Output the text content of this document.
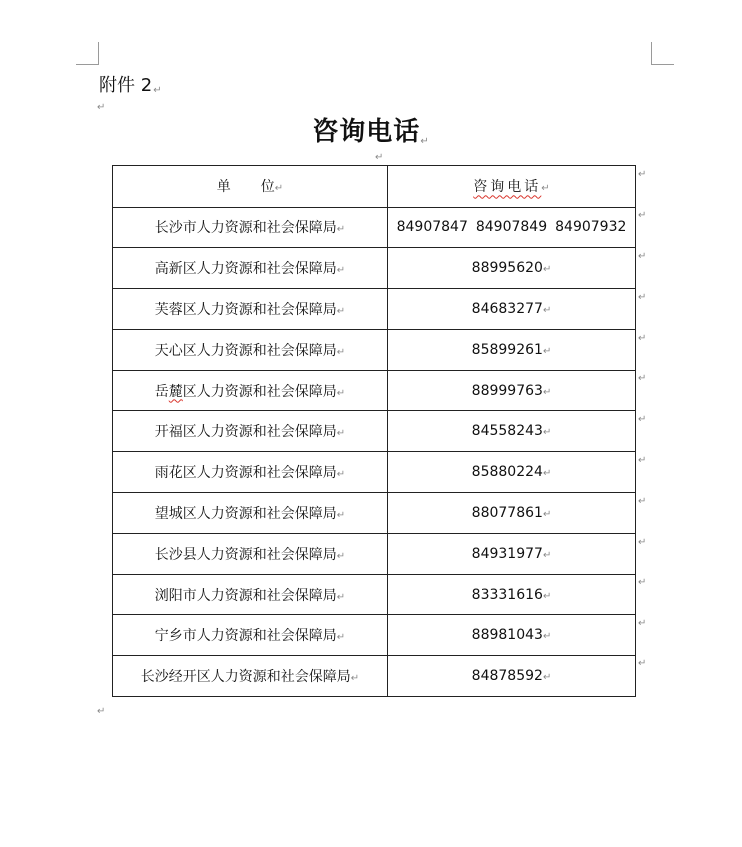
附件 2↵
↵
咨询电话↵
↵
单 位↵	咨询电话↵
长沙市人力资源和社会保障局↵	84907847 84907849 84907932
高新区人力资源和社会保障局↵	88995620↵
芙蓉区人力资源和社会保障局↵	84683277↵
天心区人力资源和社会保障局↵	85899261↵
岳麓区人力资源和社会保障局↵	88999763↵
开福区人力资源和社会保障局↵	84558243↵
雨花区人力资源和社会保障局↵	85880224↵
望城区人力资源和社会保障局↵	88077861↵
长沙县人力资源和社会保障局↵	84931977↵
浏阳市人力资源和社会保障局↵	83331616↵
宁乡市人力资源和社会保障局↵	88981043↵
长沙经开区人力资源和社会保障局↵	84878592↵
↵
↵
↵
↵
↵
↵
↵
↵
↵
↵
↵
↵
↵
↵
